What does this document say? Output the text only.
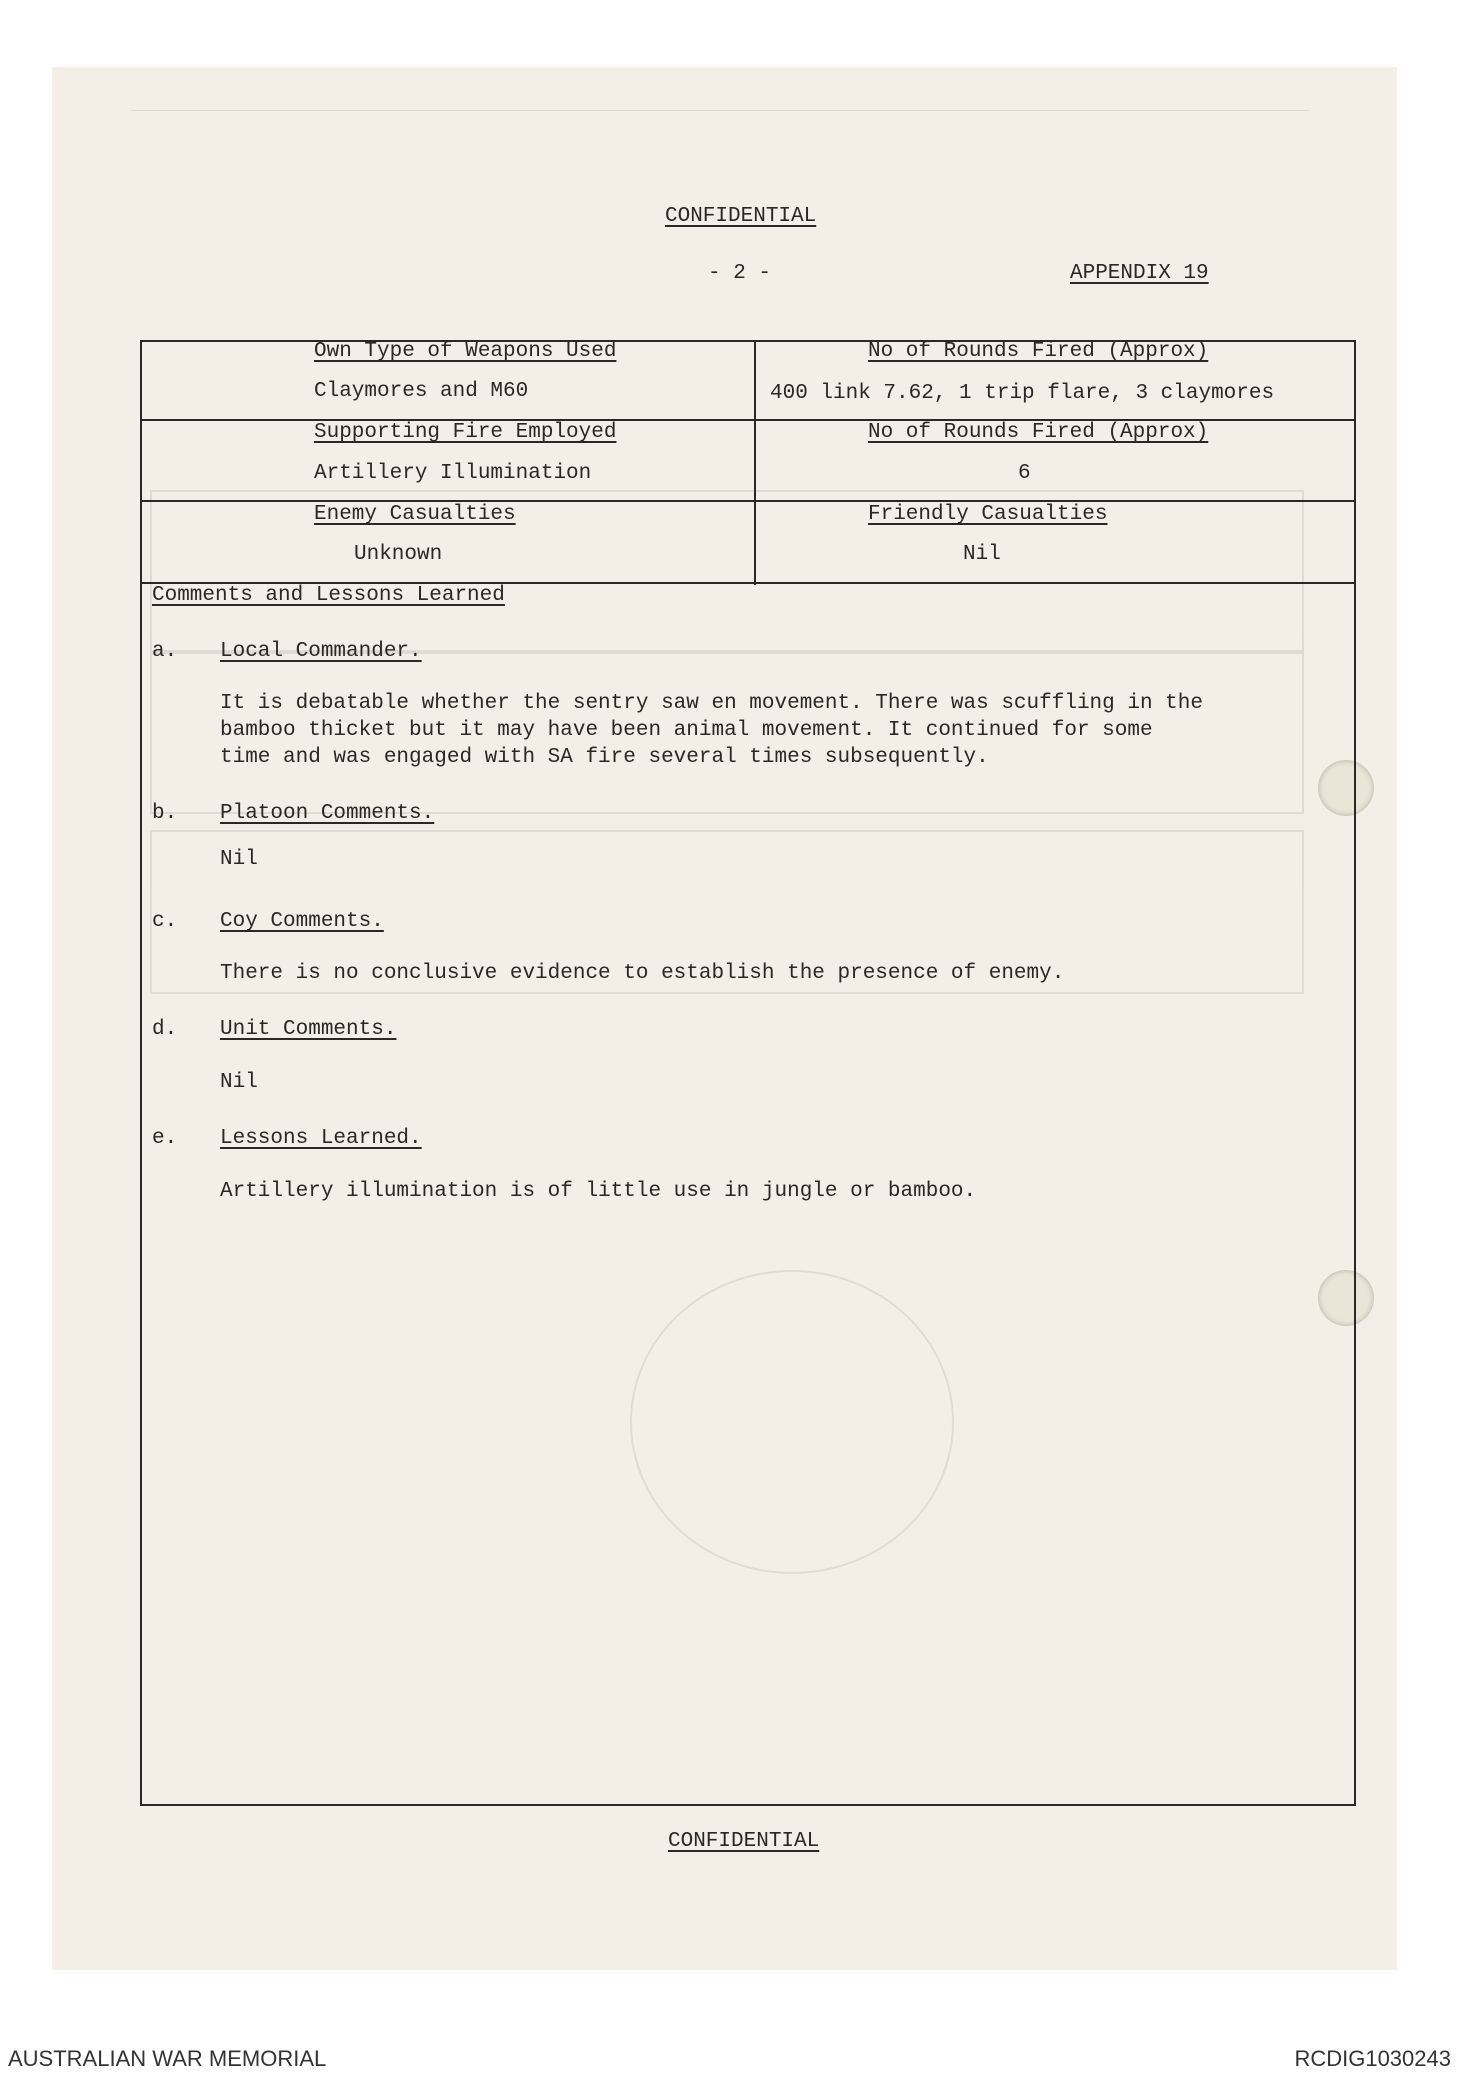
CONFIDENTIAL
- 2 -	APPENDIX 19
Own Type of Weapons Used
Claymores and M60
No of Rounds Fired (Approx)
400 link 7.62, 1 trip flare, 3 claymores
Supporting Fire Employed
Artillery Illumination
No of Rounds Fired (Approx)
6
Enemy Casualties
Unknown
Friendly Casualties
Nil
Comments and Lessons Learned
a. Local Commander.
It is debatable whether the sentry saw en movement. There was scuffling in the
bamboo thicket but it may have been animal movement. It continued for some
time and was engaged with SA fire several times subsequently.
b. Platoon Comments.
Nil
c. Coy Comments.
There is no conclusive evidence to establish the presence of enemy.
d. Unit Comments.
Nil
e. Lessons Learned.
Artillery illumination is of little use in jungle or bamboo.
CONFIDENTIAL
AUSTRALIAN WAR MEMORIAL	RCDIG1030243
